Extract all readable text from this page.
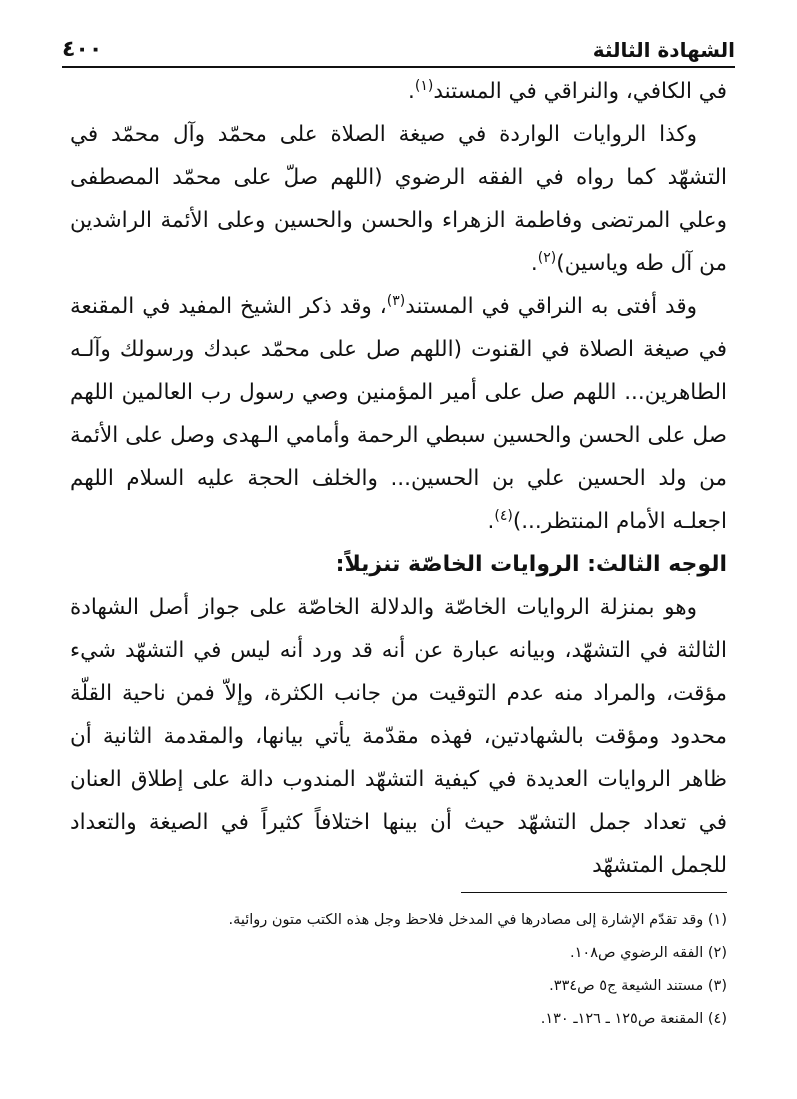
الشهادة الثالثة
٤٠٠

في الكافي، والنراقي في المستند$^{(١)}$.

وكذا الروايات الواردة في صيغة الصلاة على محمّد وآل محمّد في التشهّد كما رواه في الفقه الرضوي (اللهم صلّ على محمّد المصطفى وعلي المرتضى وفاطمة الزهراء والحسن والحسين وعلى الأئمة الراشدين من آل طه وياسين)$^{(٢)}$.

وقد أفتى به النراقي في المستند$^{(٣)}$، وقد ذكر الشيخ المفيد في المقنعة في صيغة الصلاة في القنوت (اللهم صل على محمّد عبدك ورسولك وآلـه الطاهرين... اللهم صل على أمير المؤمنين وصي رسول رب العالمين اللهم صل على الحسن والحسين سبطي الرحمة وأمامي الـهدى وصل على الأئمة من ولد الحسين علي بن الحسين... والخلف الحجة عليه السلام اللهم اجعلـه الأمام المنتظر...)$^{(٤)}$.

الوجه الثالث: الروايات الخاصّة تنزيلاً:

وهو بمنزلة الروايات الخاصّة والدلالة الخاصّة على جواز أصل الشهادة الثالثة في التشهّد، وبيانه عبارة عن أنه قد ورد أنه ليس في التشهّد شيء مؤقت، والمراد منه عدم التوقيت من جانب الكثرة، وإلاّ فمن ناحية القلّة محدود ومؤقت بالشهادتين، فهذه مقدّمة يأتي بيانها، والمقدمة الثانية أن ظاهر الروايات العديدة في كيفية التشهّد المندوب دالة على إطلاق العنان في تعداد جمل التشهّد حيث أن بينها اختلافاً كثيراً في الصيغة والتعداد للجمل المتشهّد

(١) وقد تقدّم الإشارة إلى مصادرها في المدخل فلاحظ وجل هذه الكتب متون روائية.

(٢) الفقه الرضوي ص١٠٨.

(٣) مستند الشيعة ج٥ ص٣٣٤.

(٤) المقنعة ص١٢٥ ـ ١٢٦ـ ١٣٠.
